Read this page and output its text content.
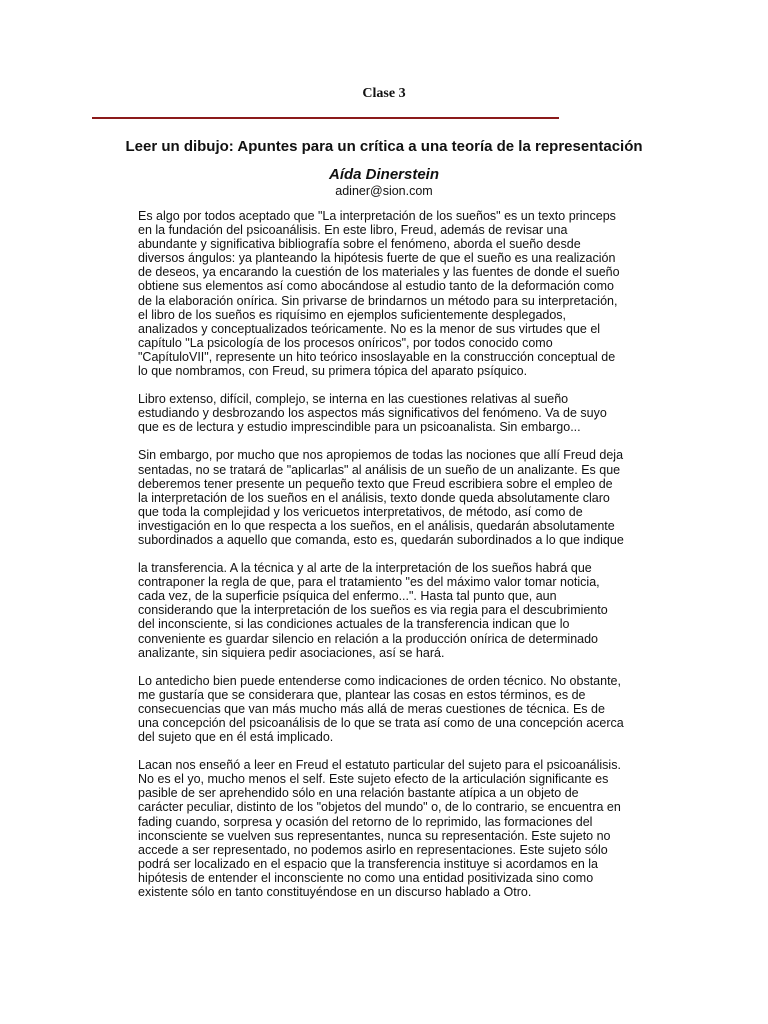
Clase 3
Leer un dibujo: Apuntes para un crítica a una teoría de la representación
Aída Dinerstein
adiner@sion.com

Es algo por todos aceptado que "La interpretación de los sueños" es un texto princeps en la fundación del psicoanálisis. En este libro, Freud, además de revisar una abundante y significativa bibliografía sobre el fenómeno, aborda el sueño desde diversos ángulos: ya planteando la hipótesis fuerte de que el sueño es una realización de deseos, ya encarando la cuestión de los materiales y las fuentes de donde el sueño obtiene sus elementos así como abocándose al estudio tanto de la deformación como de la elaboración onírica. Sin privarse de brindarnos un método para su interpretación, el libro de los sueños es riquísimo en ejemplos suficientemente desplegados, analizados y conceptualizados teóricamente. No es la menor de sus virtudes que el capítulo "La psicología de los procesos oníricos", por todos conocido como "CapítuloVII", represente un hito teórico insoslayable en la construcción conceptual de lo que nombramos, con Freud, su primera tópica del aparato psíquico.

Libro extenso, difícil, complejo, se interna en las cuestiones relativas al sueño estudiando y desbrozando los aspectos más significativos del fenómeno. Va de suyo que es de lectura y estudio imprescindible para un psicoanalista. Sin embargo...

Sin embargo, por mucho que nos apropiemos de todas las nociones que allí Freud deja sentadas, no se tratará de "aplicarlas" al análisis de un sueño de un analizante. Es que deberemos tener presente un pequeño texto que Freud escribiera sobre el empleo de la interpretación de los sueños en el análisis, texto donde queda absolutamente claro que toda la complejidad y los vericuetos interpretativos, de método, así como de investigación en lo que respecta a los sueños, en el análisis, quedarán absolutamente subordinados a aquello que comanda, esto es, quedarán subordinados a lo que indique

la transferencia. A la técnica y al arte de la interpretación de los sueños habrá que contraponer la regla de que, para el tratamiento "es del máximo valor tomar noticia, cada vez, de la superficie psíquica del enfermo...". Hasta tal punto que, aun considerando que la interpretación de los sueños es via regia para el descubrimiento del inconsciente, si las condiciones actuales de la transferencia indican que lo conveniente es guardar silencio en relación a la producción onírica de determinado analizante, sin siquiera pedir asociaciones, así se hará.

Lo antedicho bien puede entenderse como indicaciones de orden técnico. No obstante, me gustaría que se considerara que, plantear las cosas en estos términos, es de consecuencias que van más mucho más allá de meras cuestiones de técnica. Es de una concepción del psicoanálisis de lo que se trata así como de una concepción acerca del sujeto que en él está implicado.

Lacan nos enseñó a leer en Freud el estatuto particular del sujeto para el psicoanálisis. No es el yo, mucho menos el self. Este sujeto efecto de la articulación significante es pasible de ser aprehendido sólo en una relación bastante atípica a un objeto de carácter peculiar, distinto de los "objetos del mundo" o, de lo contrario, se encuentra en fading cuando, sorpresa y ocasión del retorno de lo reprimido, las formaciones del inconsciente se vuelven sus representantes, nunca su representación. Este sujeto no accede a ser representado, no podemos asirlo en representaciones. Este sujeto sólo podrá ser localizado en el espacio que la transferencia instituye si acordamos en la hipótesis de entender el inconsciente no como una entidad positivizada sino como existente sólo en tanto constituyéndose en un discurso hablado a Otro.
